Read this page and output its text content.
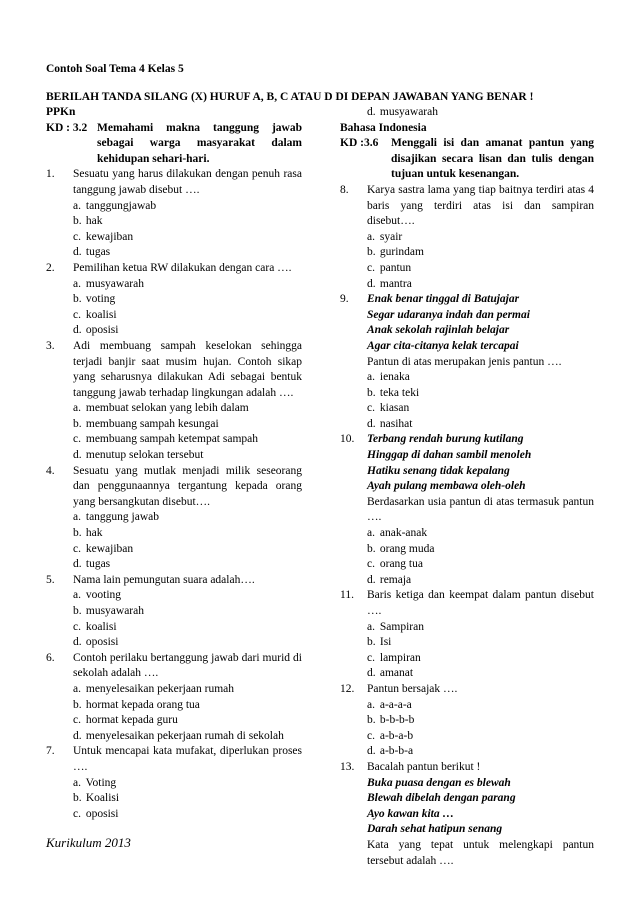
Contoh Soal Tema 4 Kelas 5
BERILAH TANDA SILANG (X) HURUF A, B, C ATAU D DI DEPAN JAWABAN YANG BENAR !
PPKn
KD : 3.2 Memahami makna tanggung jawab sebagai warga masyarakat dalam kehidupan sehari-hari.
1. Sesuatu yang harus dilakukan dengan penuh rasa tanggung jawab disebut ….
a. tanggungjawab
b. hak
c. kewajiban
d. tugas
2. Pemilihan ketua RW dilakukan dengan cara ….
a. musyawarah
b. voting
c. koalisi
d. oposisi
3. Adi membuang sampah keselokan sehingga terjadi banjir saat musim hujan. Contoh sikap yang seharusnya dilakukan Adi sebagai bentuk tanggung jawab terhadap lingkungan adalah ….
a. membuat selokan yang lebih dalam
b. membuang sampah kesungai
c. membuang sampah ketempat sampah
d. menutup selokan tersebut
4. Sesuatu yang mutlak menjadi milik seseorang dan penggunaannya tergantung kepada orang yang bersangkutan disebut….
a. tanggung jawab
b. hak
c. kewajiban
d. tugas
5. Nama lain pemungutan suara adalah….
a. vooting
b. musyawarah
c. koalisi
d. oposisi
6. Contoh perilaku bertanggung jawab dari murid di sekolah adalah ….
a. menyelesaikan pekerjaan rumah
b. hormat kepada orang tua
c. hormat kepada guru
d. menyelesaikan pekerjaan rumah di sekolah
7. Untuk mencapai kata mufakat, diperlukan proses ….
a. Voting
b. Koalisi
c. oposisi
d. musyawarah
Bahasa Indonesia
KD :3.6	Menggali isi dan amanat pantun yang disajikan secara lisan dan tulis dengan tujuan untuk kesenangan.
8. Karya sastra lama yang tiap baitnya terdiri atas 4 baris yang terdiri atas isi dan sampiran disebut….
a. syair
b. gurindam
c. pantun
d. mantra
9. Enak benar tinggal di Batujajar
Segar udaranya indah dan permai
Anak sekolah rajinlah belajar
Agar cita-citanya kelak tercapai
Pantun di atas merupakan jenis pantun ….
a. ienaka
b. teka teki
c. kiasan
d. nasihat
10. Terbang rendah burung kutilang
Hinggap di dahan sambil menoleh
Hatiku senang tidak kepalang
Ayah pulang membawa oleh-oleh
Berdasarkan usia pantun di atas termasuk pantun ….
a. anak-anak
b. orang muda
c. orang tua
d. remaja
11. Baris ketiga dan keempat dalam pantun disebut ….
a. Sampiran
b. Isi
c. lampiran
d. amanat
12. Pantun bersajak ….
a. a-a-a-a
b. b-b-b-b
c. a-b-a-b
d. a-b-b-a
13. Bacalah pantun berikut !
Buka puasa dengan es blewah
Blewah dibelah dengan parang
Ayo kawan kita …
Darah sehat hatipun senang
Kata yang tepat untuk melengkapi pantun tersebut adalah ….
Kurikulum 2013
